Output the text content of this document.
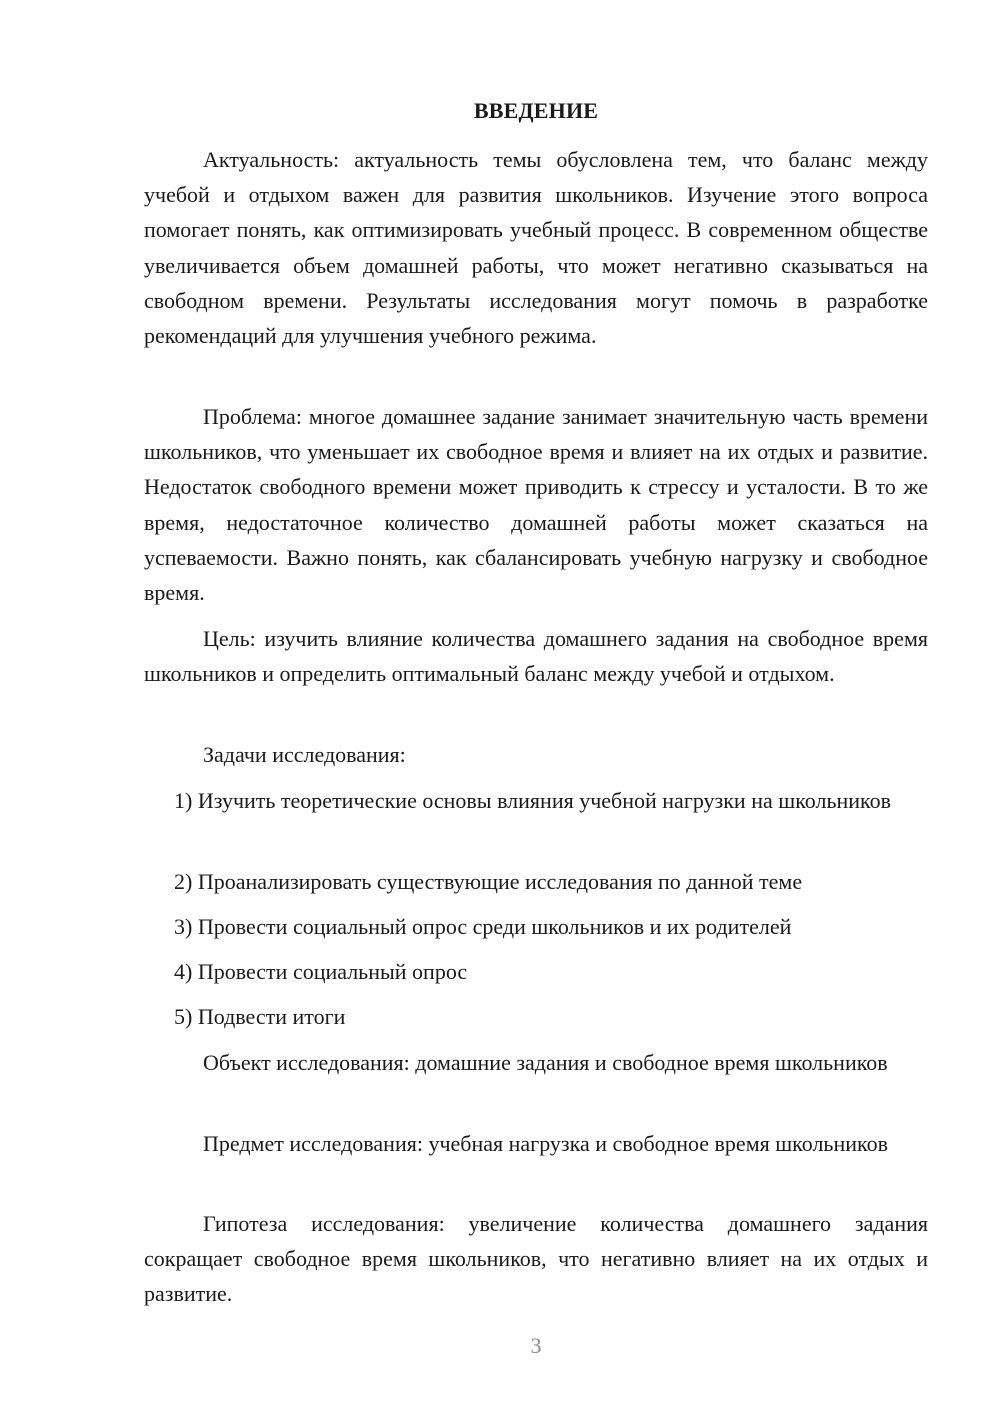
ВВЕДЕНИЕ

Актуальность: актуальность темы обусловлена тем, что баланс между учебой и отдыхом важен для развития школьников. Изучение этого вопроса помогает понять, как оптимизировать учебный процесс. В современном обществе увеличивается объем домашней работы, что может негативно сказываться на свободном времени. Результаты исследования могут помочь в разработке рекомендаций для улучшения учебного режима.

Проблема: многое домашнее задание занимает значительную часть времени школьников, что уменьшает их свободное время и влияет на их отдых и развитие. Недостаток свободного времени может приводить к стрессу и усталости. В то же время, недостаточное количество домашней работы может сказаться на успеваемости. Важно понять, как сбалансировать учебную нагрузку и свободное время.

Цель: изучить влияние количества домашнего задания на свободное время школьников и определить оптимальный баланс между учебой и отдыхом.

Задачи исследования:

1) Изучить теоретические основы влияния учебной нагрузки на школьников

2) Проанализировать существующие исследования по данной теме

3) Провести социальный опрос среди школьников и их родителей

4) Провести социальный опрос

5) Подвести итоги

Объект исследования: домашние задания и свободное время школьников

Предмет исследования: учебная нагрузка и свободное время школьников

Гипотеза исследования: увеличение количества домашнего задания сокращает свободное время школьников, что негативно влияет на их отдых и развитие.

3
